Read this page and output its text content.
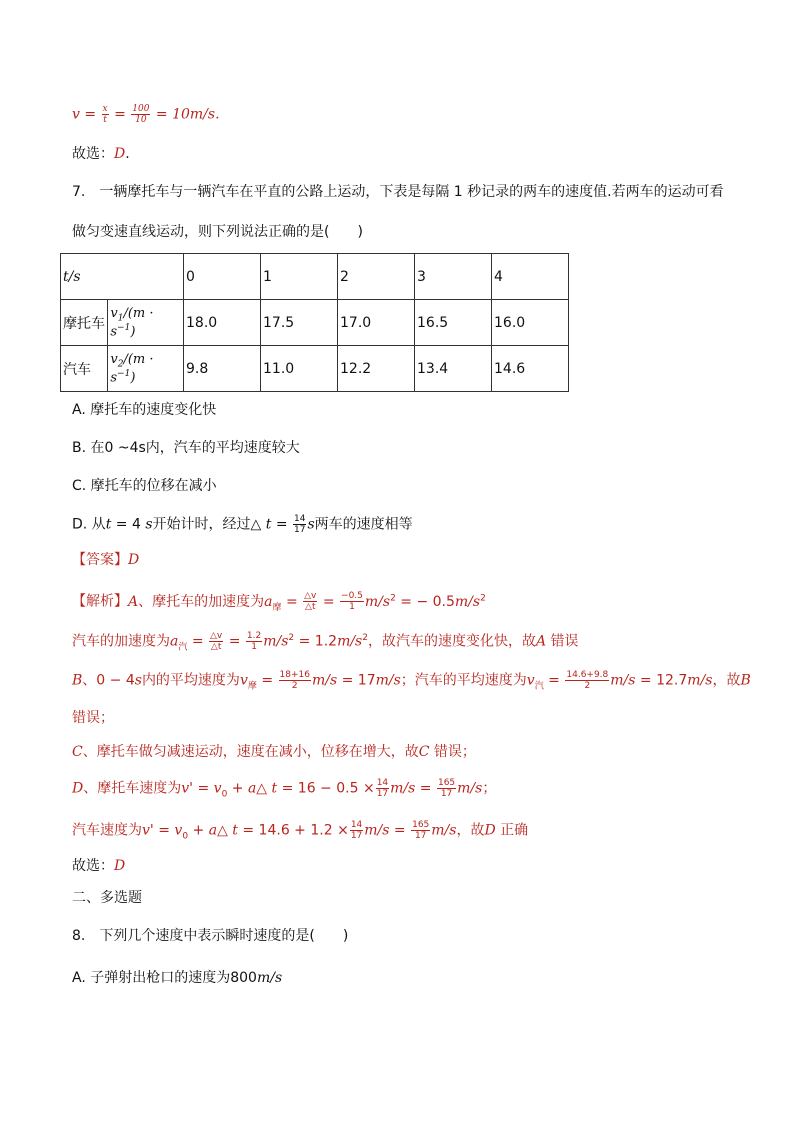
$v = \frac{x}{t} = \frac{100}{10} = 10m/s$.
故选：D.
7.　一辆摩托车与一辆汽车在平直的公路上运动，下表是每隔 1 秒记录的两车的速度值.若两车的运动可看
做匀变速直线运动，则下列说法正确的是(　　)
t/s		0	1	2	3	4
摩托车	$v_1/(m \cdot s^{-1})$	18.0	17.5	17.0	16.5	16.0
汽车	$v_2/(m \cdot s^{-1})$	9.8	11.0	12.2	13.4	14.6
A. 摩托车的速度变化快
B. 在0 ~4s内，汽车的平均速度较大
C. 摩托车的位移在减小
D. 从t = 4 s开始计时，经过△ $t = \frac{14}{17}$ s两车的速度相等
【答案】D
【解析】A、摩托车的加速度为$a_摩 = \frac{\triangle v}{\triangle t} = \frac{-0.5}{1} m/s^2$ = − $0.5m/s^2$
汽车的加速度为$a_汽 = \frac{\triangle v}{\triangle t} = \frac{1.2}{1} m/s^2 = 1.2m/s^2$，故汽车的速度变化快，故A 错误
B、0 − 4s内的平均速度为$v_摩 = \frac{18+16}{2} m/s = 17m/s$；汽车的平均速度为$v_汽 = \frac{14.6+9.8}{2} m/s = 12.7m/s$，故B
错误；
C、摩托车做匀减速运动，速度在减小，位移在增大，故C 错误；
D、摩托车速度为$v' = v_0$ + a△ $t = 16 - 0.5 \times \frac{14}{17} m/s = \frac{165}{17} m/s$；
汽车速度为$v' = v_0$ + a△ $t = 14.6 + 1.2 \times \frac{14}{17} m/s = \frac{165}{17} m/s$，故D 正确
故选：D
二、多选题
8.　下列几个速度中表示瞬时速度的是(　　)
A. 子弹射出枪口的速度为800m/s
